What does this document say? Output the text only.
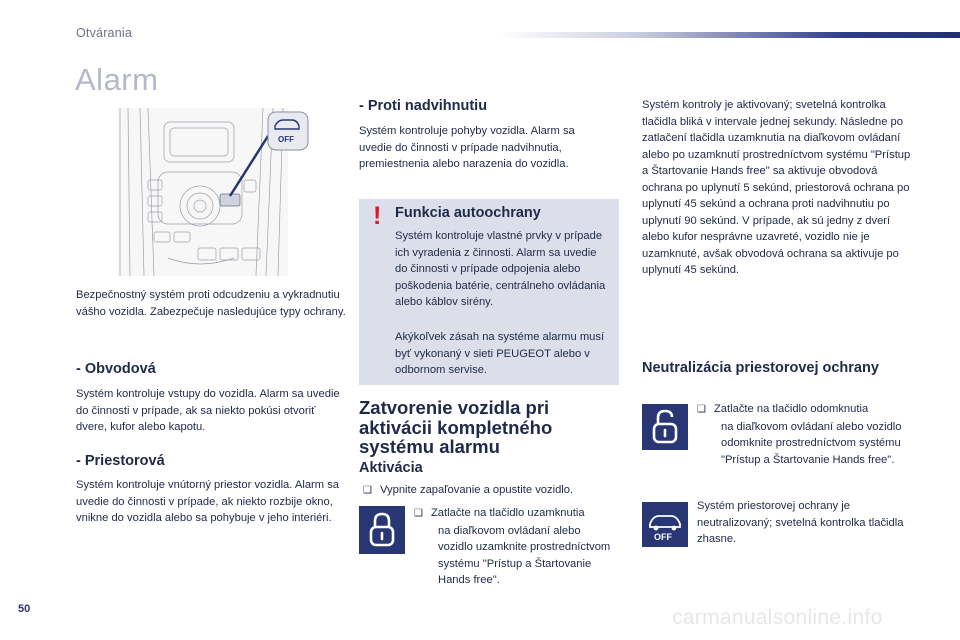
Otvárania
Alarm
OFF

Bezpečnostný systém proti odcudzeniu a vykradnutiu vášho vozidla. Zabezpečuje nasledujúce typy ochrany.

- Obvodová

Systém kontroluje vstupy do vozidla. Alarm sa uvedie do činnosti v prípade, ak sa niekto pokúsi otvoriť dvere, kufor alebo kapotu.

- Priestorová

Systém kontroluje vnútorný priestor vozidla. Alarm sa uvedie do činnosti v prípade, ak niekto rozbije okno, vnikne do vozidla alebo sa pohybuje v jeho interiéri.

- Proti nadvihnutiu

Systém kontroluje pohyby vozidla. Alarm sa uvedie do činnosti v prípade nadvihnutia, premiestnenia alebo narazenia do vozidla.

! Funkcia autoochrany

Systém kontroluje vlastné prvky v prípade ich vyradenia z činnosti. Alarm sa uvedie do činnosti v prípade odpojenia alebo poškodenia batérie, centrálneho ovládania alebo káblov sirény.

Akýkoľvek zásah na systéme alarmu musí byť vykonaný v sieti PEUGEOT alebo v odbornom servise.

Zatvorenie vozidla pri aktivácii kompletného systému alarmu
Aktivácia
❑ Vypnite zapaľovanie a opustite vozidlo.
❑ Zatlačte na tlačidlo uzamknutia
na diaľkovom ovládaní alebo vozidlo uzamknite prostredníctvom systému "Prístup a Štartovanie Hands free".

Systém kontroly je aktivovaný; svetelná kontrolka tlačidla bliká v intervale jednej sekundy. Následne po zatlačení tlačidla uzamknutia na diaľkovom ovládaní alebo po uzamknutí prostredníctvom systému "Prístup a Štartovanie Hands free" sa aktivuje obvodová ochrana po uplynutí 5 sekúnd, priestorová ochrana po uplynutí 45 sekúnd a ochrana proti nadvihnutiu po uplynutí 90 sekúnd. V prípade, ak sú jedny z dverí alebo kufor nesprávne uzavreté, vozidlo nie je uzamknuté, avšak obvodová ochrana sa aktivuje po uplynutí 45 sekúnd.

Neutralizácia priestorovej ochrany
❑ Zatlačte na tlačidlo odomknutia
na diaľkovom ovládaní alebo vozidlo odomknite prostredníctvom systému "Prístup a Štartovanie Hands free".
OFF

Systém priestorovej ochrany je neutralizovaný; svetelná kontrolka tlačidla zhasne.

50	carmanualsonline.info
